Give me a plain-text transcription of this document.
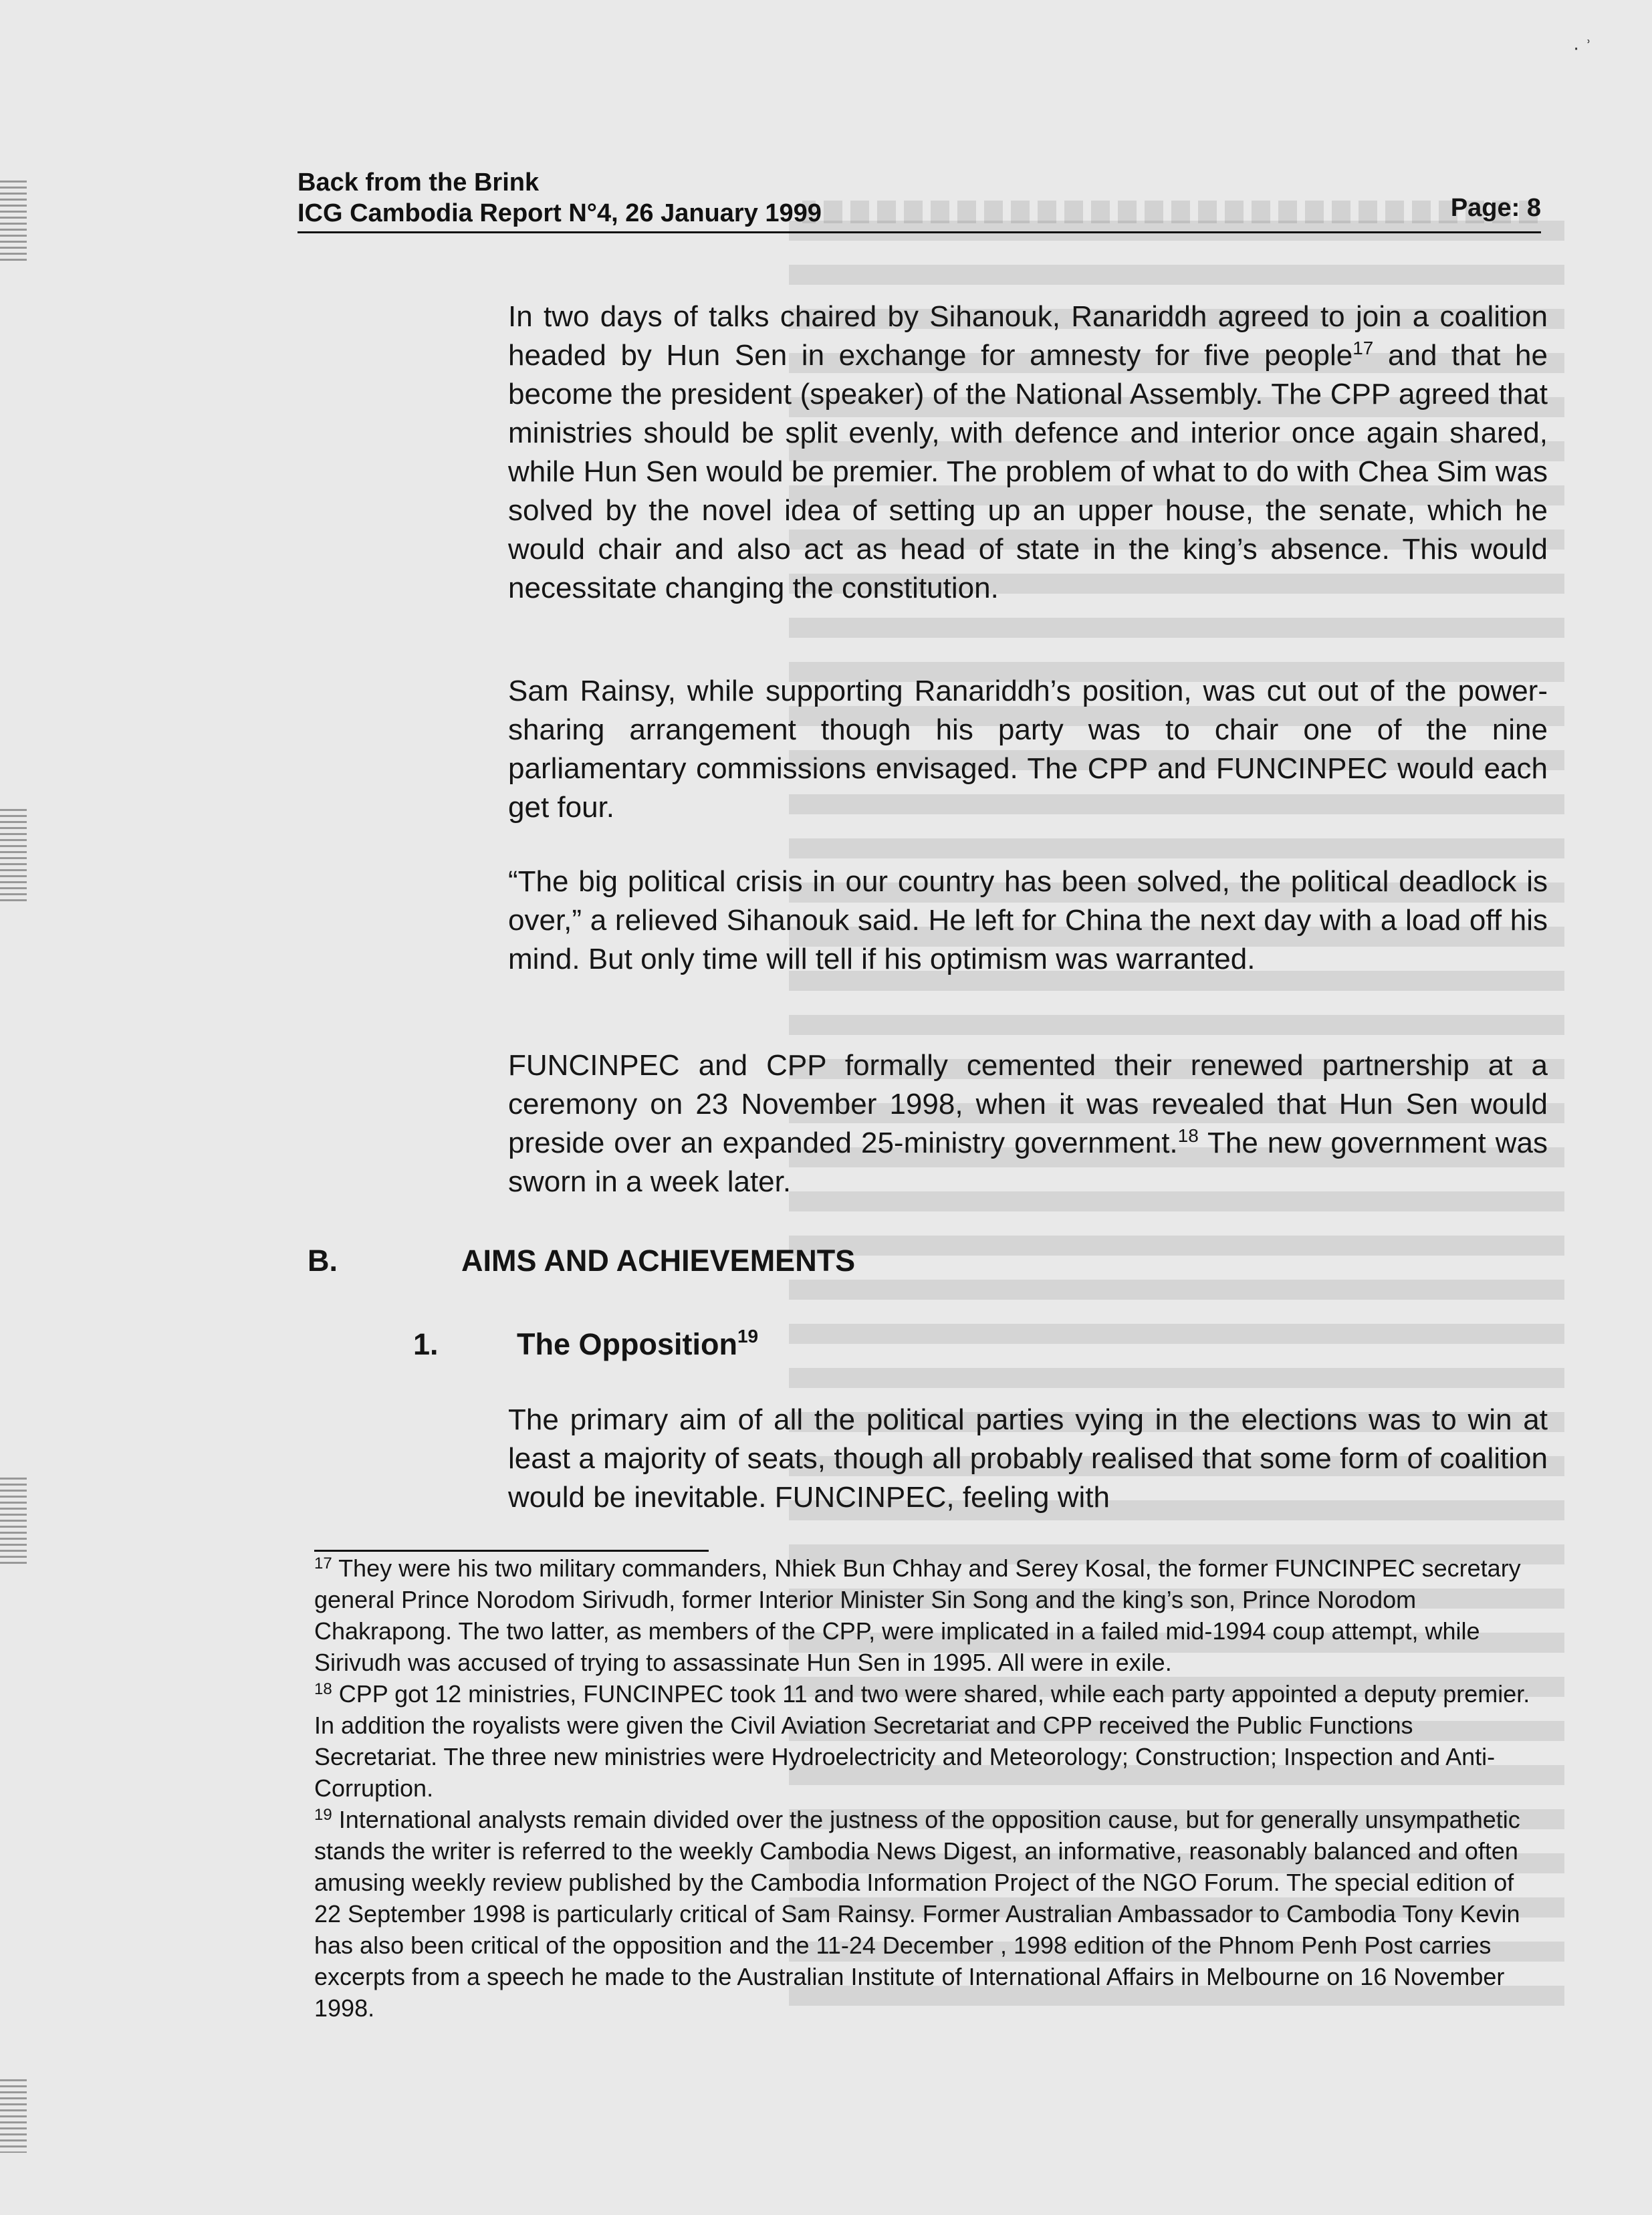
· ʾ
Back from the Brink
ICG Cambodia Report N°4, 26 January 1999	Page: 8
In two days of talks chaired by Sihanouk, Ranariddh agreed to join a coalition headed by Hun Sen in exchange for amnesty for five people$^{17}$ and that he become the president (speaker) of the National Assembly. The CPP agreed that ministries should be split evenly, with defence and interior once again shared, while Hun Sen would be premier. The problem of what to do with Chea Sim was solved by the novel idea of setting up an upper house, the senate, which he would chair and also act as head of state in the king’s absence. This would necessitate changing the constitution.
Sam Rainsy, while supporting Ranariddh’s position, was cut out of the power-sharing arrangement though his party was to chair one of the nine parliamentary commissions envisaged. The CPP and FUNCINPEC would each get four.
“The big political crisis in our country has been solved, the political deadlock is over,” a relieved Sihanouk said. He left for China the next day with a load off his mind. But only time will tell if his optimism was warranted.
FUNCINPEC and CPP formally cemented their renewed partnership at a ceremony on 23 November 1998, when it was revealed that Hun Sen would preside over an expanded 25-ministry government.$^{18}$ The new government was sworn in a week later.
B.	AIMS AND ACHIEVEMENTS
1.	The Opposition$^{19}$
The primary aim of all the political parties vying in the elections was to win at least a majority of seats, though all probably realised that some form of coalition would be inevitable. FUNCINPEC, feeling with

$^{17}$ They were his two military commanders, Nhiek Bun Chhay and Serey Kosal, the former FUNCINPEC secretary general Prince Norodom Sirivudh, former Interior Minister Sin Song and the king’s son, Prince Norodom Chakrapong. The two latter, as members of the CPP, were implicated in a failed mid-1994 coup attempt, while Sirivudh was accused of trying to assassinate Hun Sen in 1995. All were in exile.

$^{18}$ CPP got 12 ministries, FUNCINPEC took 11 and two were shared, while each party appointed a deputy premier. In addition the royalists were given the Civil Aviation Secretariat and CPP received the Public Functions Secretariat. The three new ministries were Hydroelectricity and Meteorology; Construction; Inspection and Anti-Corruption.

$^{19}$ International analysts remain divided over the justness of the opposition cause, but for generally unsympathetic stands the writer is referred to the weekly Cambodia News Digest, an informative, reasonably balanced and often amusing weekly review published by the Cambodia Information Project of the NGO Forum. The special edition of 22 September 1998 is particularly critical of Sam Rainsy. Former Australian Ambassador to Cambodia Tony Kevin has also been critical of the opposition and the 11-24 December , 1998 edition of the Phnom Penh Post carries excerpts from a speech he made to the Australian Institute of International Affairs in Melbourne on 16 November 1998.
